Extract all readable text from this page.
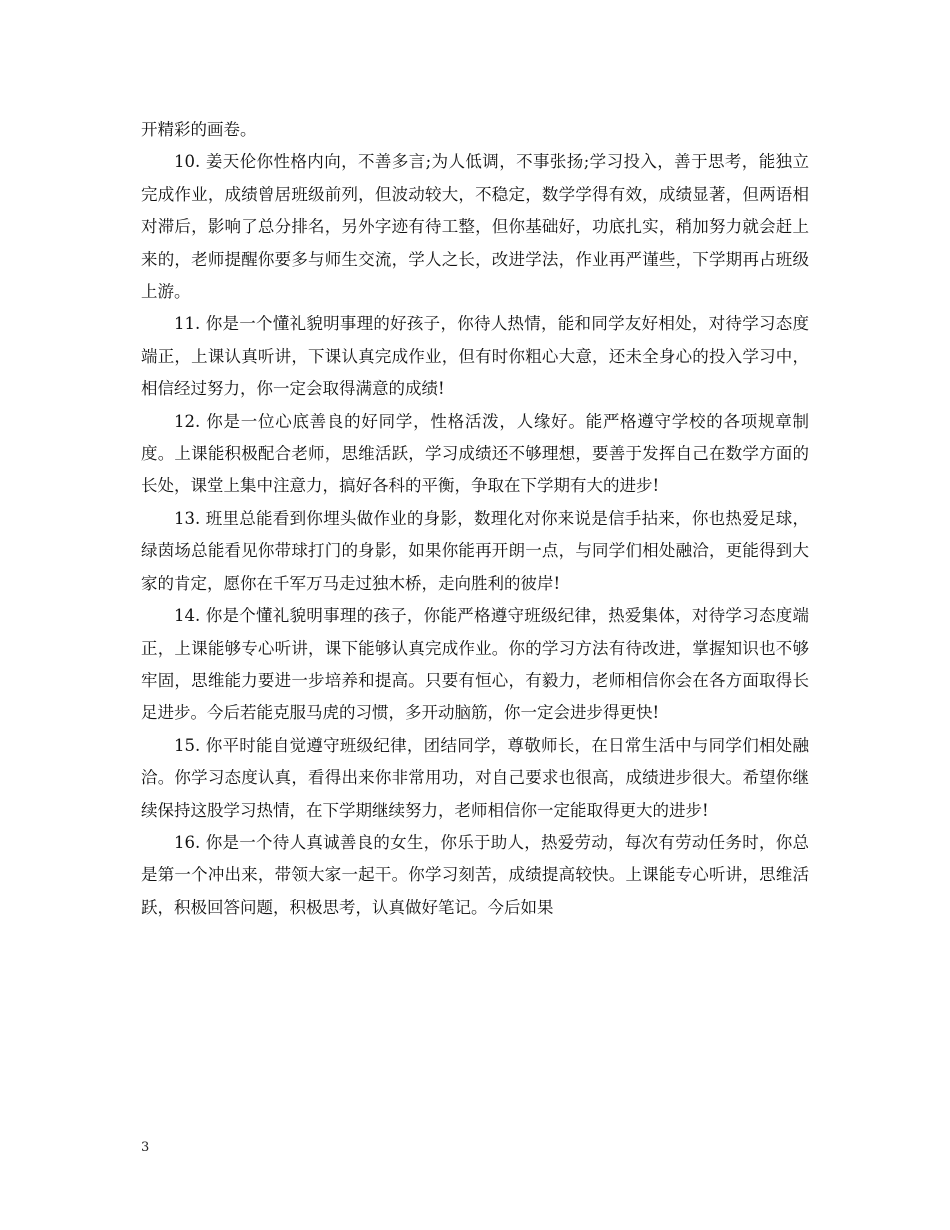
开精彩的画卷。

10. 姜天伦你性格内向，不善多言;为人低调，不事张扬;学习投入，善于思考，能独立完成作业，成绩曾居班级前列，但波动较大，不稳定，数学学得有效，成绩显著，但两语相对滞后，影响了总分排名，另外字迹有待工整，但你基础好，功底扎实，稍加努力就会赶上来的，老师提醒你要多与师生交流，学人之长，改进学法，作业再严谨些，下学期再占班级上游。

11. 你是一个懂礼貌明事理的好孩子，你待人热情，能和同学友好相处，对待学习态度端正，上课认真听讲，下课认真完成作业，但有时你粗心大意，还未全身心的投入学习中，相信经过努力，你一定会取得满意的成绩!

12. 你是一位心底善良的好同学，性格活泼，人缘好。能严格遵守学校的各项规章制度。上课能积极配合老师，思维活跃，学习成绩还不够理想，要善于发挥自己在数学方面的长处，课堂上集中注意力，搞好各科的平衡，争取在下学期有大的进步!

13. 班里总能看到你埋头做作业的身影，数理化对你来说是信手拈来，你也热爱足球，绿茵场总能看见你带球打门的身影，如果你能再开朗一点，与同学们相处融洽，更能得到大家的肯定，愿你在千军万马走过独木桥，走向胜利的彼岸!

14. 你是个懂礼貌明事理的孩子，你能严格遵守班级纪律，热爱集体，对待学习态度端正，上课能够专心听讲，课下能够认真完成作业。你的学习方法有待改进，掌握知识也不够牢固，思维能力要进一步培养和提高。只要有恒心，有毅力，老师相信你会在各方面取得长足进步。今后若能克服马虎的习惯，多开动脑筋，你一定会进步得更快!

15. 你平时能自觉遵守班级纪律，团结同学，尊敬师长，在日常生活中与同学们相处融洽。你学习态度认真，看得出来你非常用功，对自己要求也很高，成绩进步很大。希望你继续保持这股学习热情，在下学期继续努力，老师相信你一定能取得更大的进步!

16. 你是一个待人真诚善良的女生，你乐于助人，热爱劳动，每次有劳动任务时，你总是第一个冲出来，带领大家一起干。你学习刻苦，成绩提高较快。上课能专心听讲，思维活跃，积极回答问题，积极思考，认真做好笔记。今后如果

3
